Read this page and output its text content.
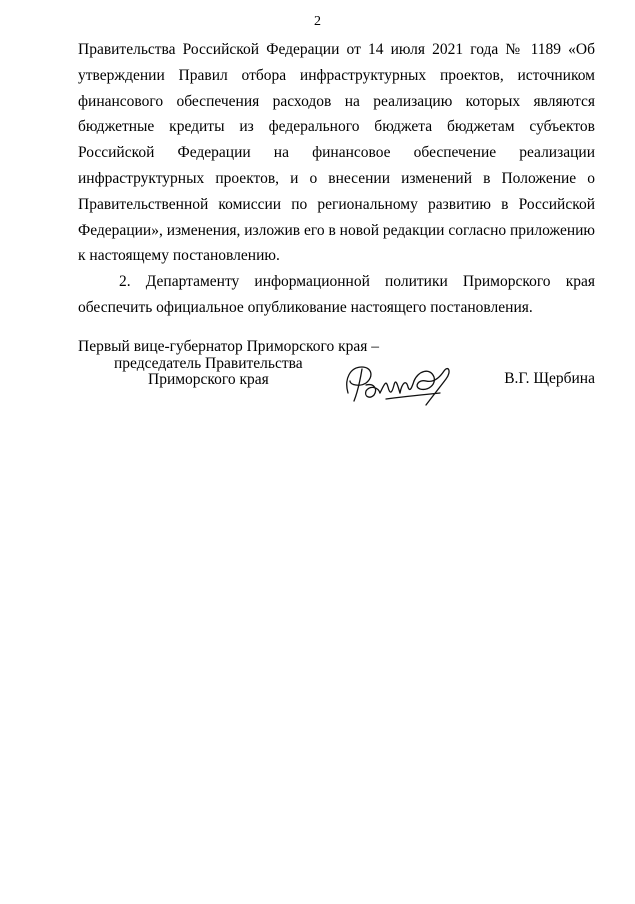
2

Правительства Российской Федерации от 14 июля 2021 года № 1189 «Об утверждении Правил отбора инфраструктурных проектов, источником финансового обеспечения расходов на реализацию которых являются бюджетные кредиты из федерального бюджета бюджетам субъектов Российской Федерации на финансовое обеспечение реализации инфраструктурных проектов, и о внесении изменений в Положение о Правительственной комиссии по региональному развитию в Российской Федерации», изменения, изложив его в новой редакции согласно приложению к настоящему постановлению.

2. Департаменту информационной политики Приморского края обеспечить официальное опубликование настоящего постановления.

Первый вице-губернатор Приморского края –
председатель Правительства
Приморского края	В.Г. Щербина
